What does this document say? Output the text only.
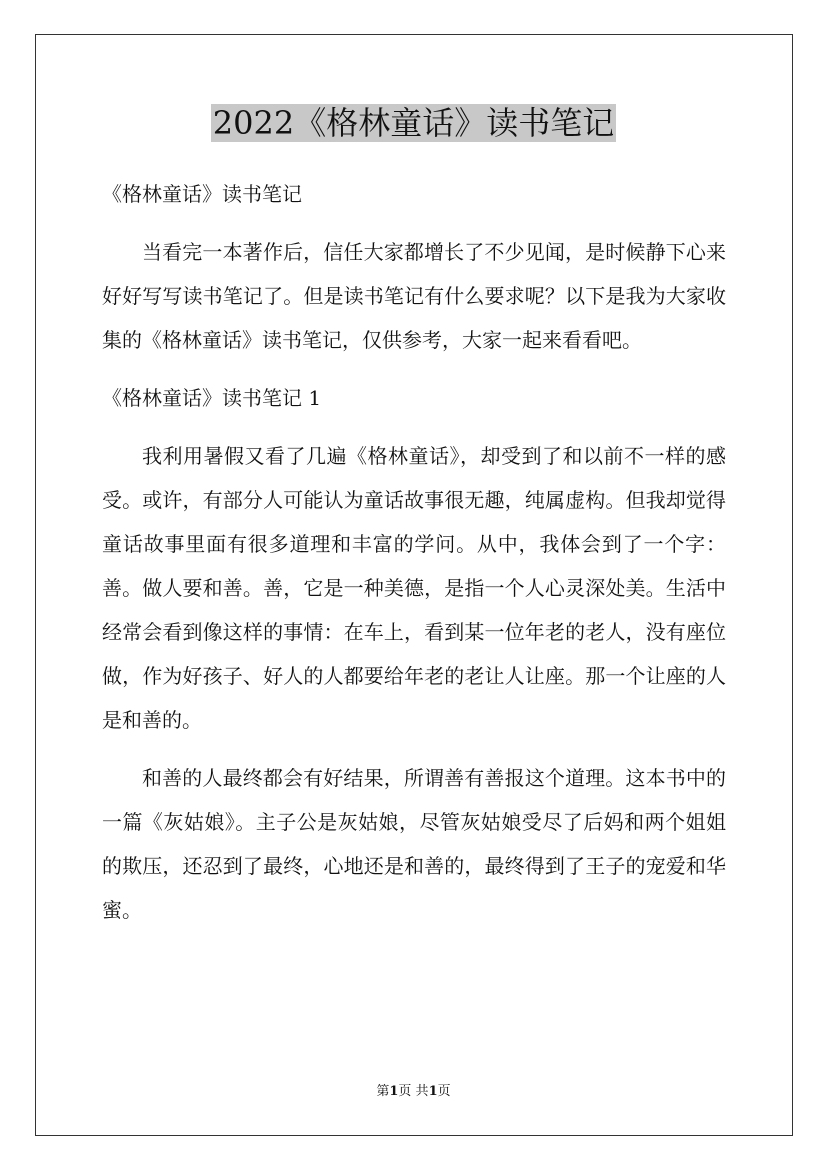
2022《格林童话》读书笔记

《格林童话》读书笔记

当看完一本著作后，信任大家都增长了不少见闻，是时候静下心来好好写写读书笔记了。但是读书笔记有什么要求呢？以下是我为大家收集的《格林童话》读书笔记，仅供参考，大家一起来看看吧。

《格林童话》读书笔记 1

我利用暑假又看了几遍《格林童话》，却受到了和以前不一样的感受。或许，有部分人可能认为童话故事很无趣，纯属虚构。但我却觉得童话故事里面有很多道理和丰富的学问。从中，我体会到了一个字：善。做人要和善。善，它是一种美德，是指一个人心灵深处美。生活中经常会看到像这样的事情：在车上，看到某一位年老的老人，没有座位做，作为好孩子、好人的人都要给年老的老让人让座。那一个让座的人是和善的。

和善的人最终都会有好结果，所谓善有善报这个道理。这本书中的一篇《灰姑娘》。主子公是灰姑娘，尽管灰姑娘受尽了后妈和两个姐姐的欺压，还忍到了最终，心地还是和善的，最终得到了王子的宠爱和华蜜。

第1页 共1页
